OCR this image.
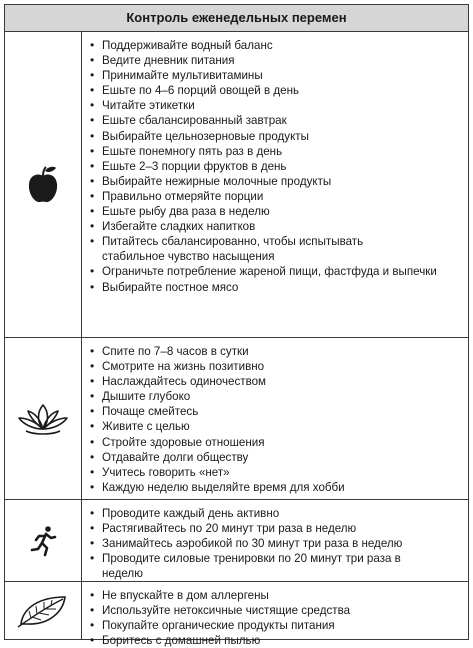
Контроль еженедельных перемен
• Поддерживайте водный баланс
• Ведите дневник питания
• Принимайте мультивитамины
• Ешьте по 4–6 порций овощей в день
• Читайте этикетки
• Ешьте сбалансированный завтрак
• Выбирайте цельнозерновые продукты
• Ешьте понемногу пять раз в день
• Ешьте 2–3 порции фруктов в день
• Выбирайте нежирные молочные продукты
• Правильно отмеряйте порции
• Ешьте рыбу два раза в неделю
• Избегайте сладких напитков
• Питайтесь сбалансированно, чтобы испытывать стабильное чувство насыщения
• Ограничьте потребление жареной пищи, фастфуда и выпечки
• Выбирайте постное мясо
• Спите по 7–8 часов в сутки
• Смотрите на жизнь позитивно
• Наслаждайтесь одиночеством
• Дышите глубоко
• Почаще смейтесь
• Живите с целью
• Стройте здоровые отношения
• Отдавайте долги обществу
• Учитесь говорить «нет»
• Каждую неделю выделяйте время для хобби
• Проводите каждый день активно
• Растягивайтесь по 20 минут три раза в неделю
• Занимайтесь аэробикой по 30 минут три раза в неделю
• Проводите силовые тренировки по 20 минут три раза в неделю
• Не впускайте в дом аллергены
• Используйте нетоксичные чистящие средства
• Покупайте органические продукты питания
• Боритесь с домашней пылью
